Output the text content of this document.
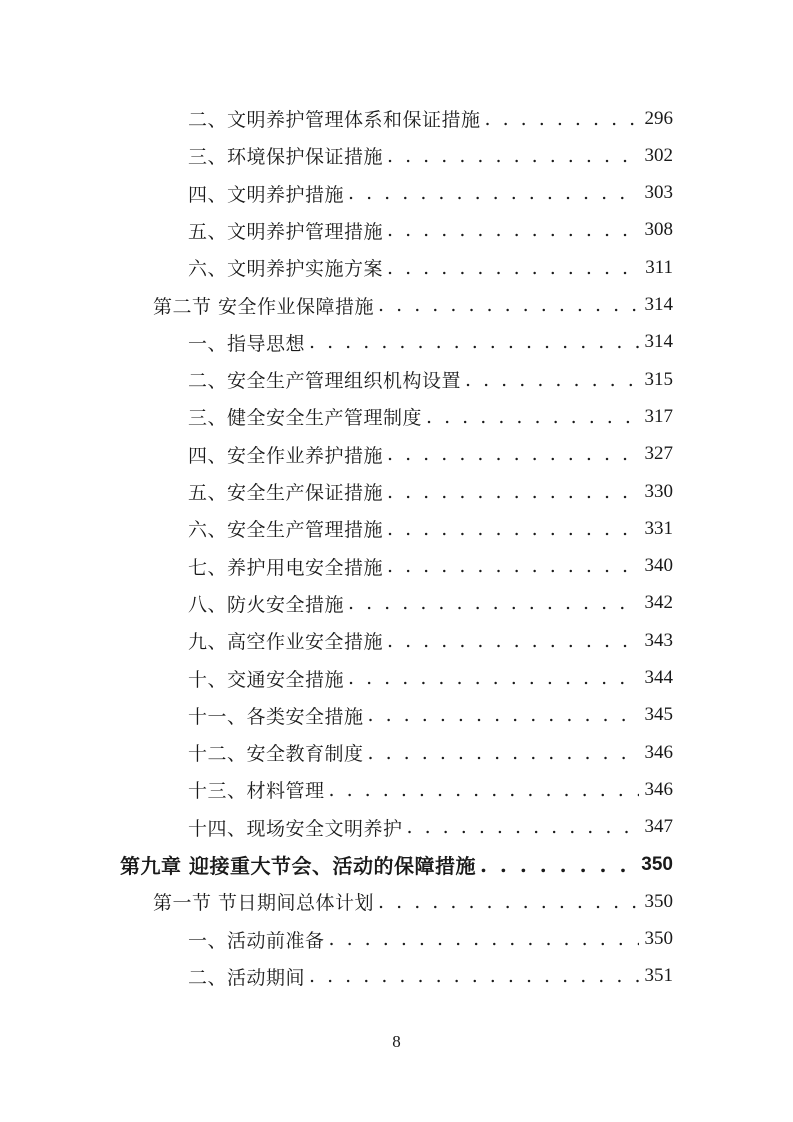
二、文明养护管理体系和保证措施 . . .	296
三、环境保护保证措施 . . .	302
四、文明养护措施 . . .	303
五、文明养护管理措施 . . .	308
六、文明养护实施方案 . . .	311
第二节 安全作业保障措施 . . .	314
一、指导思想 . . .	314
二、安全生产管理组织机构设置 . . .	315
三、健全安全生产管理制度 . . .	317
四、安全作业养护措施 . . .	327
五、安全生产保证措施 . . .	330
六、安全生产管理措施 . . .	331
七、养护用电安全措施 . . .	340
八、防火安全措施 . . .	342
九、高空作业安全措施 . . .	343
十、交通安全措施 . . .	344
十一、各类安全措施 . . .	345
十二、安全教育制度 . . .	346
十三、材料管理 . . .	346
十四、现场安全文明养护 . . .	347
第九章 迎接重大节会、活动的保障措施 . . .	350
第一节 节日期间总体计划 . . .	350
一、活动前准备 . . .	350
二、活动期间 . . .	351
8
